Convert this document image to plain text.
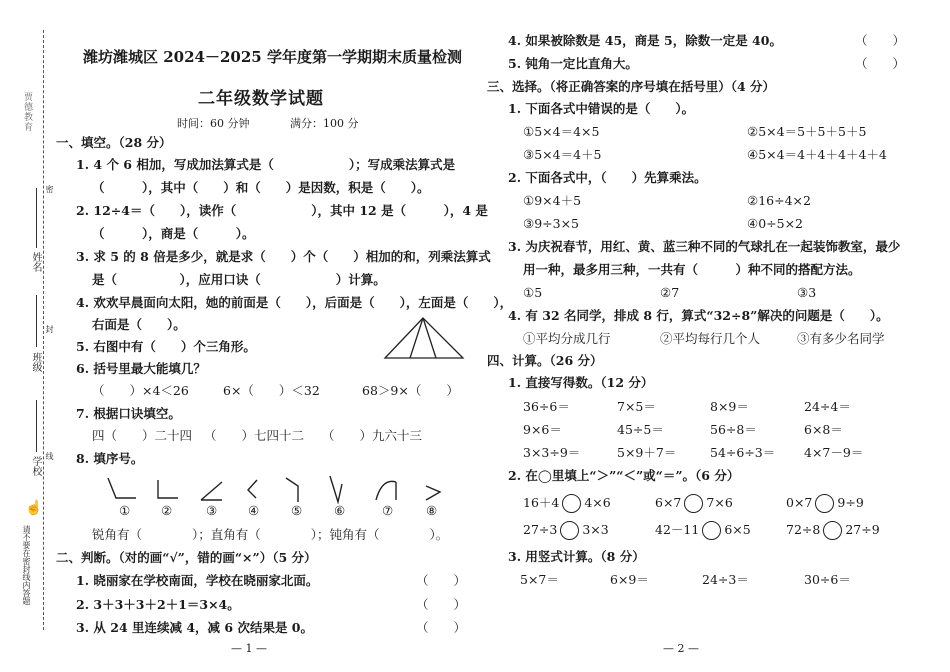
贾德教育
密
姓名
封
班级
线
学校
☝
请不要在密封线内答题
潍坊潍城区 2024－2025 学年度第一学期期末质量检测
二年级数学试题
时间：60 分钟	满分：100 分
一、填空。（28 分）
1. 4 个 6 相加，写成加法算式是（　　　　　　）；写成乘法算式是
（　　　），其中（　　）和（　　）是因数，积是（　　）。
2. 12÷4＝（　　），读作（　　　　　　），其中 12 是（　　　），4 是
（　　　），商是（　　　）。
3. 求 5 的 8 倍是多少，就是求（　　）个（　　）相加的和，列乘法算式
是（　　　　　），应用口诀（　　　　　　）计算。
4. 欢欢早晨面向太阳，她的前面是（　　），后面是（　　），左面是（　　），
右面是（　　）。
5. 右图中有（　　）个三角形。
6. 括号里最大能填几？
（　　）×4＜26	6×（　　）＜32	68＞9×（　　）
7. 根据口诀填空。
四（　　）二十四 （　　）七四十二 （　　）九六十三
8. 填序号。
① ②	③ ④	⑤	⑥	⑦	⑧
锐角有（　　　　）；直角有（　　　　）；钝角有（　　　　）。
二、判断。（对的画“√”，错的画“×”）（5 分）
1. 晓丽家在学校南面，学校在晓丽家北面。	（　　）
2. 3＋3＋3＋2＋1＝3×4。	（　　）
3. 从 24 里连续减 4，减 6 次结果是 0。	（　　）
— 1 —
4. 如果被除数是 45，商是 5，除数一定是 40。	（　　）
5. 钝角一定比直角大。	（　　）
三、选择。（将正确答案的序号填在括号里）（4 分）
1. 下面各式中错误的是（　　）。
①5×4＝4×5	②5×4＝5＋5＋5＋5
③5×4＝4＋5	④5×4＝4＋4＋4＋4＋4
2. 下面各式中，（　　）先算乘法。
①9×4＋5	②16÷4×2
③9÷3×5	④0÷5×2
3. 为庆祝春节，用红、黄、蓝三种不同的气球扎在一起装饰教室，最少
用一种，最多用三种，一共有（　　　）种不同的搭配方法。
①5	②7	③3
4. 有 32 名同学，排成 8 行，算式“32÷8”解决的问题是（　　）。
①平均分成几行	②平均每行几个人	③有多少名同学
四、计算。（26 分）
1. 直接写得数。（12 分）
36÷6＝	7×5＝	8×9＝	24÷4＝
9×6＝	45÷5＝	56÷8＝	6×8＝
3×3÷9＝	5×9＋7＝	54÷6÷3＝ 4×7－9＝
2. 在◯里填上“＞”“＜”或“＝”。（6 分）
16＋4 4×6	6×7 7×6	0×7 9÷9
27÷3 3×3	42－11 6×5	72÷8 27÷9
3. 用竖式计算。（8 分）
5×7＝	6×9＝	24÷3＝	30÷6＝
— 2 —
